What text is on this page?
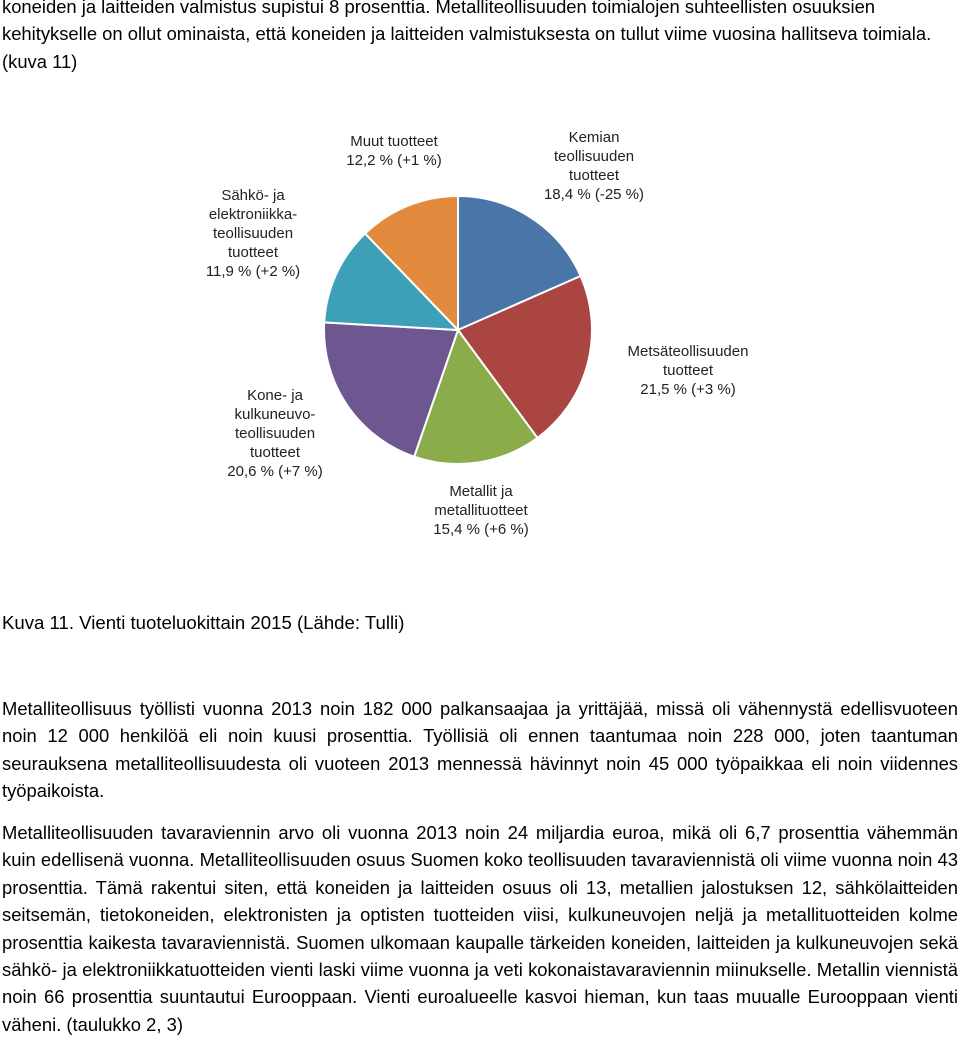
koneiden ja laitteiden valmistus supistui 8 prosenttia. Metalliteollisuuden toimialojen suhteellisten osuuksien kehitykselle on ollut ominaista, että koneiden ja laitteiden valmistuksesta on tullut viime vuosina hallitseva toimiala. (kuva 11)

Kemian teollisuuden tuotteet 18,4 % (-25 %)
Metsäteollisuuden tuotteet 21,5 % (+3 %)
Metallit ja metallituotteet 15,4 % (+6 %)
Kone- ja kulkuneuvo-teollisuuden tuotteet 20,6 % (+7 %)
Sähkö- ja elektroniikka-teollisuuden tuotteet 11,9 % (+2 %)
Muut tuotteet 12,2 % (+1 %)

Kuva 11. Vienti tuoteluokittain 2015 (Lähde: Tulli)

Metalliteollisuus työllisti vuonna 2013 noin 182 000 palkansaajaa ja yrittäjää, missä oli vähennystä edellisvuoteen noin 12 000 henkilöä eli noin kuusi prosenttia. Työllisiä oli ennen taantumaa noin 228 000, joten taantuman seurauksena metalliteollisuudesta oli vuoteen 2013 mennessä hävinnyt noin 45 000 työpaikkaa eli noin viidennes työpaikoista.

Metalliteollisuuden tavaraviennin arvo oli vuonna 2013 noin 24 miljardia euroa, mikä oli 6,7 prosenttia vähemmän kuin edellisenä vuonna. Metalliteollisuuden osuus Suomen koko teollisuuden tavaraviennistä oli viime vuonna noin 43 prosenttia. Tämä rakentui siten, että koneiden ja laitteiden osuus oli 13, metallien jalostuksen 12, sähkölaitteiden seitsemän, tietokoneiden, elektronisten ja optisten tuotteiden viisi, kulkuneuvojen neljä ja metallituotteiden kolme prosenttia kaikesta tavaraviennistä. Suomen ulkomaan kaupalle tärkeiden koneiden, laitteiden ja kulkuneuvojen sekä sähkö- ja elektroniikkatuotteiden vienti laski viime vuonna ja veti kokonaistavaraviennin miinukselle. Metallin viennistä noin 66 prosenttia suuntautui Eurooppaan. Vienti euroalueelle kasvoi hieman, kun taas muualle Eurooppaan vienti väheni. (taulukko 2, 3)
